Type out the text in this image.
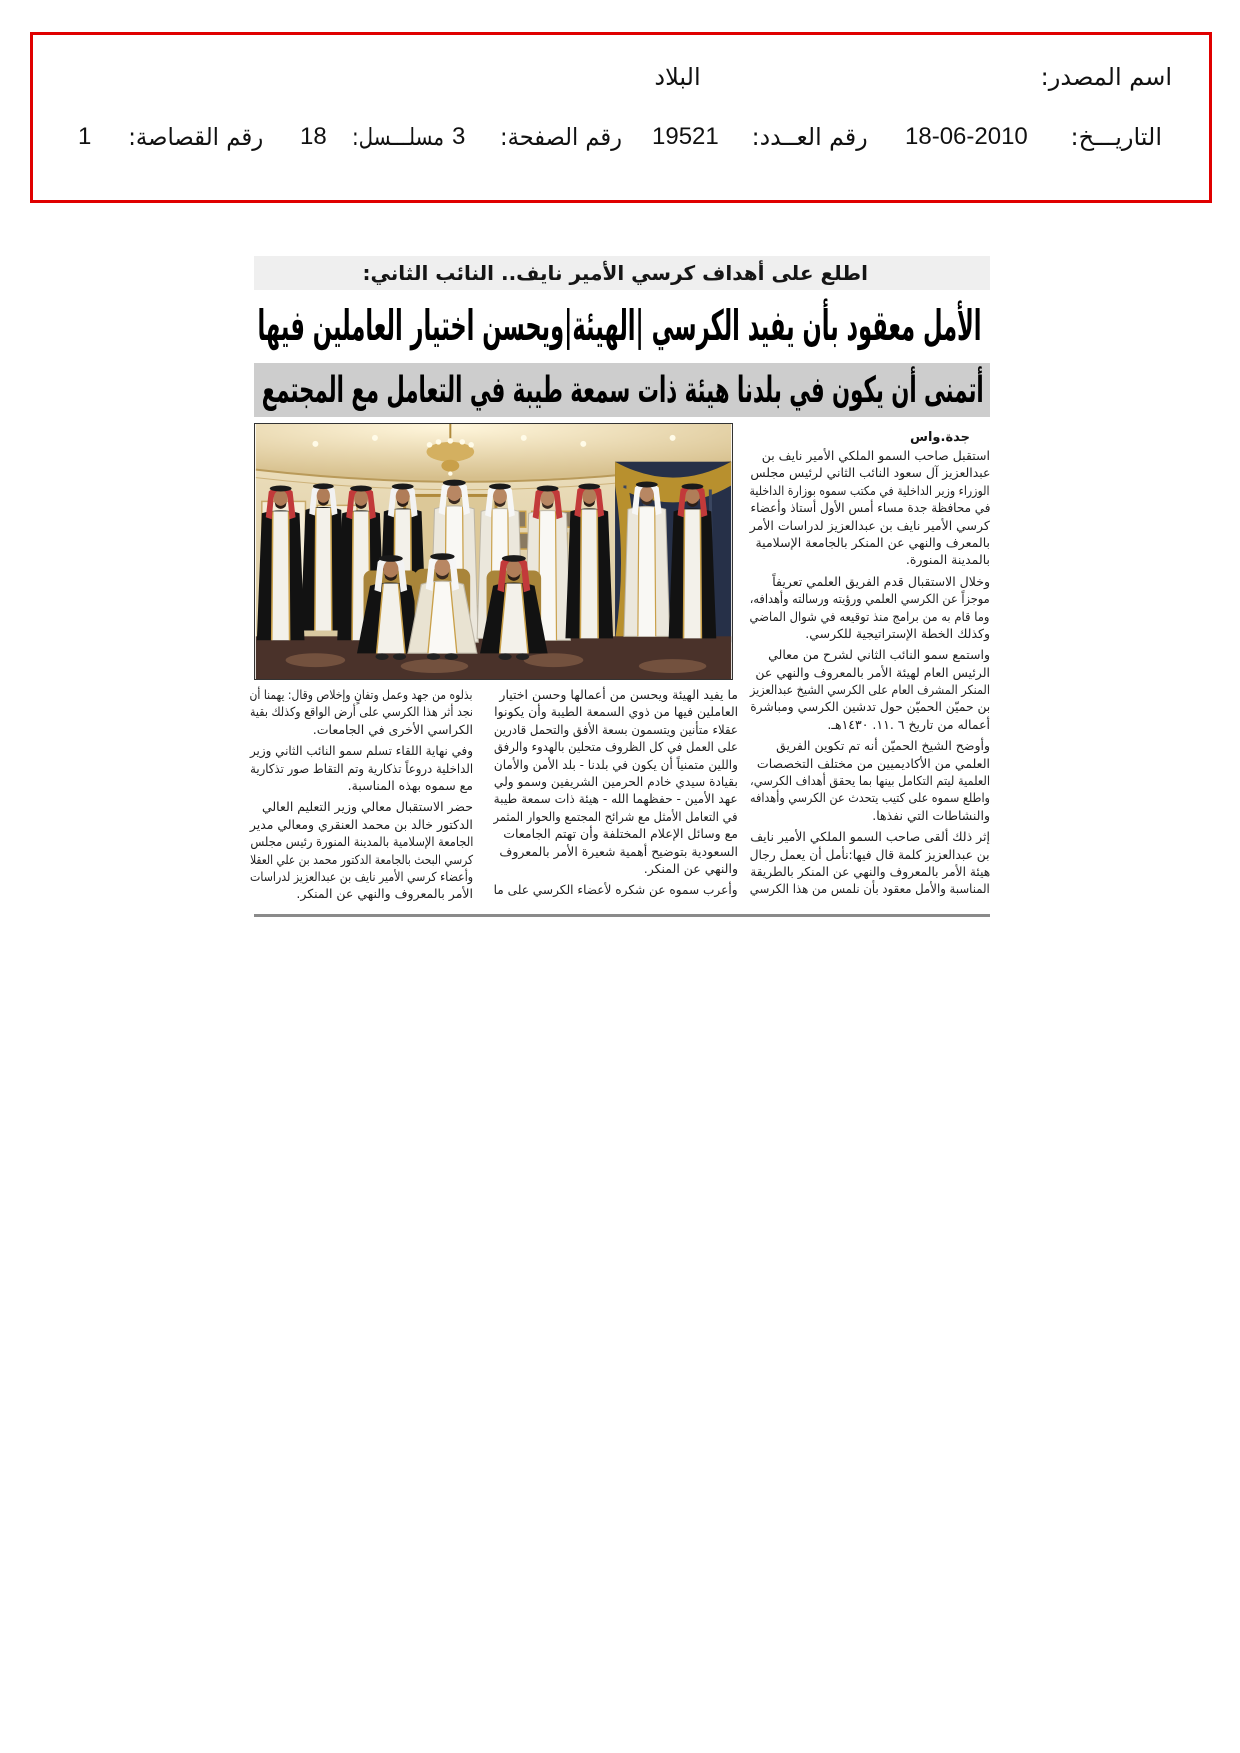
اسم المصدر:
البلاد
التاريـــخ:
18-06-2010
رقم العــدد:
19521
رقم الصفحة:
3
مسلـــسل:
18
رقم القصاصة:
1
اطلع على أهداف كرسي الأمير نايف.. النائب الثاني:
الأمل معقود بأن يفيد الكرسي |الهيئة|ويحسن اختيار العاملين فيها
أتمنى أن يكون في بلدنا هيئة ذات سمعة طيبة في التعامل مع المجتمع
جدة.واس
استقبل صاحب السمو الملكي الأمير نايف بن
عبدالعزيز آل سعود النائب الثاني لرئيس مجلس
الوزراء وزير الداخلية في مكتب سموه بوزارة الداخلية
في محافظة جدة مساء أمس الأول أستاذ وأعضاء
كرسي الأمير نايف بن عبدالعزيز لدراسات الأمر
بالمعرف والنهي عن المنكر بالجامعة الإسلامية
بالمدينة المنورة.
وخلال الاستقبال قدم الفريق العلمي تعريفاً
موجزاً عن الكرسي العلمي ورؤيته ورسالته وأهدافه،
وما قام به من برامج منذ توقيعه في شوال الماضي
وكذلك الخطة الإستراتيجية للكرسي.
واستمع سمو النائب الثاني لشرح من معالي
الرئيس العام لهيئة الأمر بالمعروف والنهي عن
المنكر المشرف العام على الكرسي الشيخ عبدالعزيز
بن حميّن الحميّن حول تدشين الكرسي ومباشرة
أعماله من تاريخ ٦ .١١. ١٤٣٠هـ.
وأوضح الشيخ الحميّن أنه تم تكوين الفريق
العلمي من الأكاديميين من مختلف التخصصات
العلمية ليتم التكامل بينها بما يحقق أهداف الكرسي،
واطلع سموه على كتيب يتحدث عن الكرسي وأهدافه
والنشاطات التي نفذها.
إثر ذلك ألقى صاحب السمو الملكي الأمير نايف
بن عبدالعزيز كلمة قال فيها:نأمل أن يعمل رجال
هيئة الأمر بالمعروف والنهي عن المنكر بالطريقة
المناسبة والأمل معقود بأن نلمس من هذا الكرسي
ما يفيد الهيئة ويحسن من أعمالها وحسن اختيار
العاملين فيها من ذوي السمعة الطيبة وأن يكونوا
عقلاء متأنين ويتسمون بسعة الأفق والتحمل قادرين
على العمل في كل الظروف متحلين بالهدوء والرفق
واللين متمنياً أن يكون في بلدنا - بلد الأمن والأمان
بقيادة سيدي خادم الحرمين الشريفين وسمو ولي
عهد الأمين - حفظهما الله - هيئة ذات سمعة طيبة
في التعامل الأمثل مع شرائح المجتمع والحوار المثمر
مع وسائل الإعلام المختلفة وأن تهتم الجامعات
السعودية بتوضيح أهمية شعيرة الأمر بالمعروف
والنهي عن المنكر.
وأعرب سموه عن شكره لأعضاء الكرسي على ما
بذلوه من جهد وعمل وتفانٍ وإخلاص وقال: يهمنا أن
نجد أثر هذا الكرسي على أرض الواقع وكذلك بقية
الكراسي الأخرى في الجامعات.
وفي نهاية اللقاء تسلم سمو النائب الثاني وزير
الداخلية دروعاً تذكارية وتم التقاط صور تذكارية
مع سموه بهذه المناسبة.
حضر الاستقبال معالي وزير التعليم العالي
الدكتور خالد بن محمد العنقري ومعالي مدير
الجامعة الإسلامية بالمدينة المنورة رئيس مجلس
كرسي البحث بالجامعة الدكتور محمد بن علي العقلا
وأعضاء كرسي الأمير نايف بن عبدالعزيز لدراسات
الأمر بالمعروف والنهي عن المنكر.
